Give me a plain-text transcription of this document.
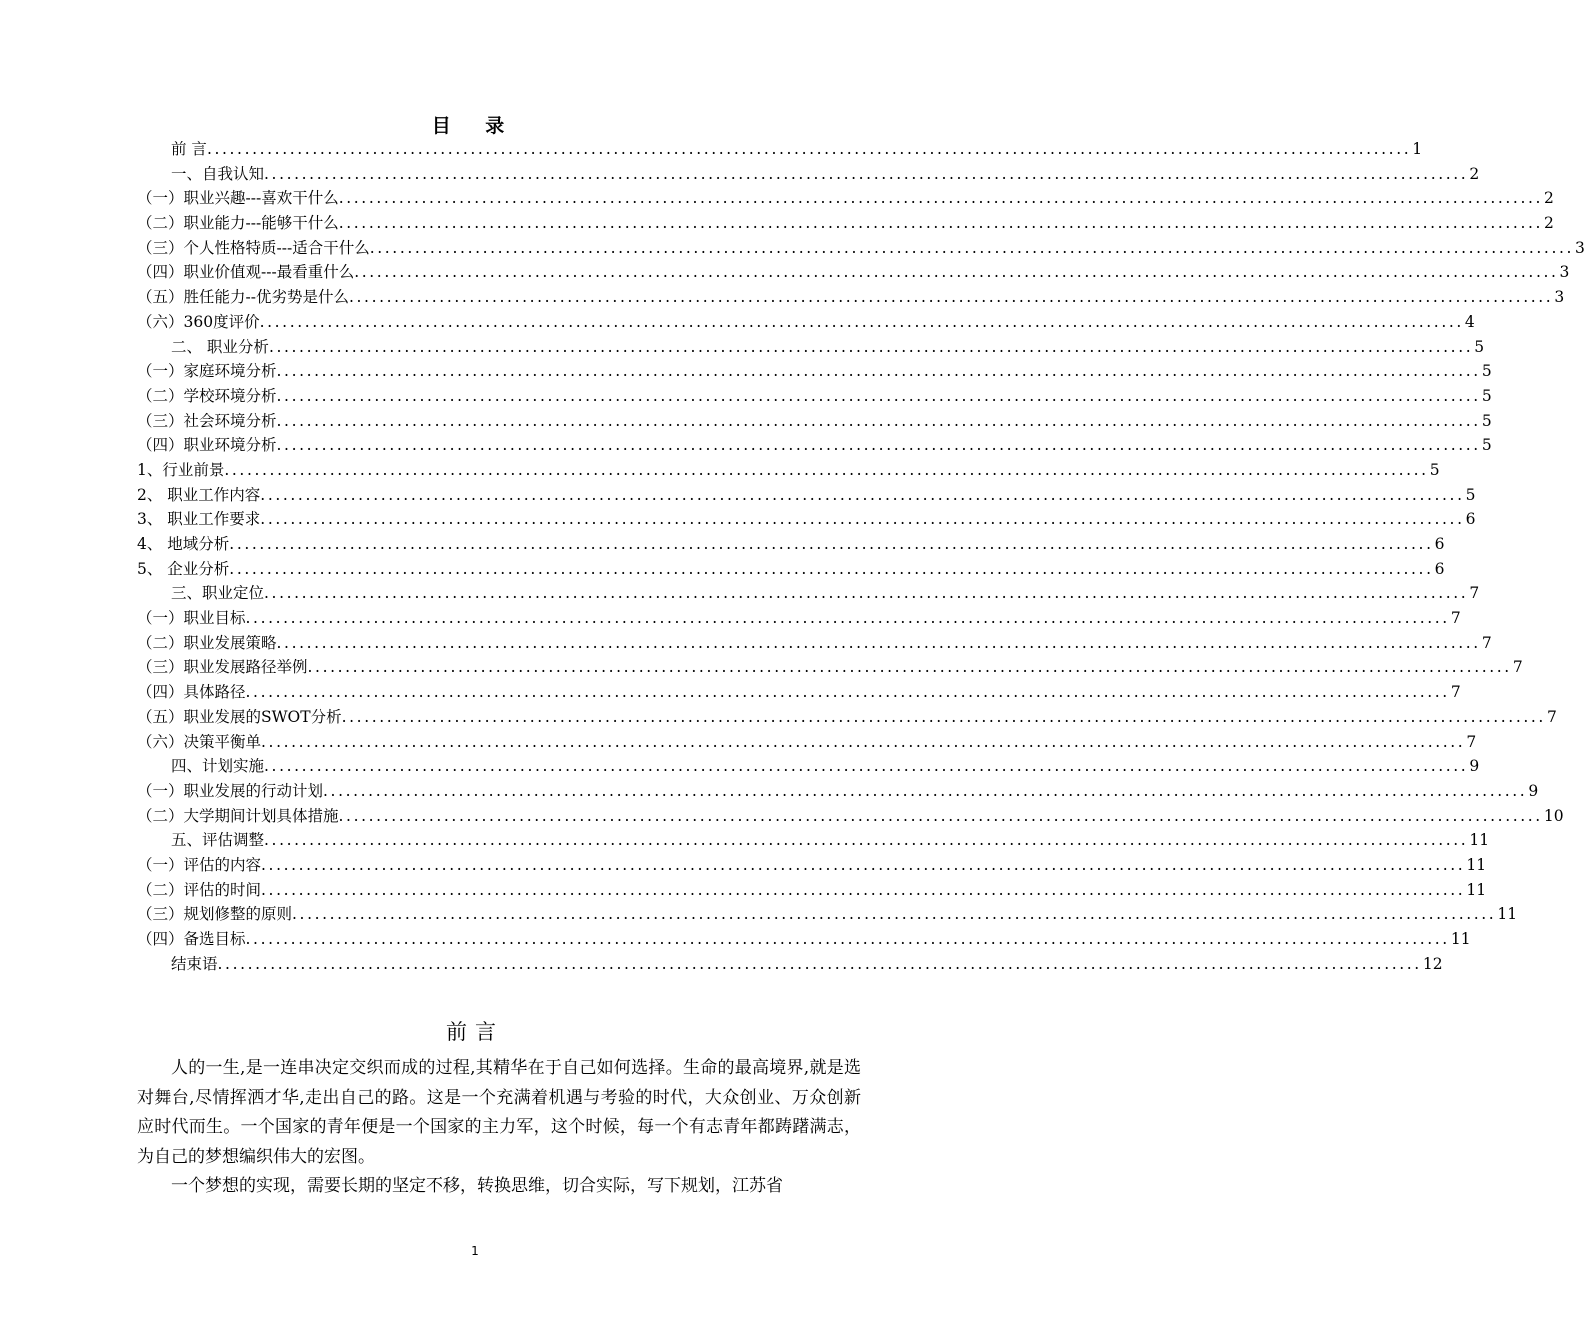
目 录
前 言 ................................................................................................................................................................ 1
一、自我认知 ................................................................................................................................................................ 2
（一）职业兴趣---喜欢干什么 ................................................................................................................................................................ 2
（二）职业能力---能够干什么 ................................................................................................................................................................ 2
（三）个人性格特质---适合干什么 ................................................................................................................................................................ 3
（四）职业价值观---最看重什么 ................................................................................................................................................................ 3
（五）胜任能力--优劣势是什么 ................................................................................................................................................................ 3
（六）360度评价 ................................................................................................................................................................ 4
二、 职业分析 ................................................................................................................................................................ 5
（一）家庭环境分析 ................................................................................................................................................................ 5
（二）学校环境分析 ................................................................................................................................................................ 5
（三）社会环境分析 ................................................................................................................................................................ 5
（四）职业环境分析 ................................................................................................................................................................ 5
1、行业前景 ................................................................................................................................................................ 5
2、 职业工作内容 ................................................................................................................................................................ 5
3、 职业工作要求 ................................................................................................................................................................ 6
4、 地域分析 ................................................................................................................................................................ 6
5、 企业分析 ................................................................................................................................................................ 6
三、职业定位 ................................................................................................................................................................ 7
（一）职业目标 ................................................................................................................................................................ 7
（二）职业发展策略 ................................................................................................................................................................ 7
（三）职业发展路径举例 ................................................................................................................................................................ 7
（四）具体路径 ................................................................................................................................................................ 7
（五）职业发展的SWOT分析 ................................................................................................................................................................ 7
（六）决策平衡单 ................................................................................................................................................................ 7
四、计划实施 ................................................................................................................................................................ 9
（一）职业发展的行动计划 ................................................................................................................................................................ 9
（二）大学期间计划具体措施 ................................................................................................................................................................ 10
五、评估调整 ................................................................................................................................................................ 11
（一）评估的内容 ................................................................................................................................................................ 11
（二）评估的时间 ................................................................................................................................................................ 11
（三）规划修整的原则 ................................................................................................................................................................ 11
（四）备选目标 ................................................................................................................................................................ 11
结束语 ................................................................................................................................................................ 12
前言

人的一生,是一连串决定交织而成的过程,其精华在于自己如何选择。生命的最高境界,就是选对舞台,尽情挥洒才华,走出自己的路。这是一个充满着机遇与考验的时代，大众创业、万众创新应时代而生。一个国家的青年便是一个国家的主力军，这个时候，每一个有志青年都踌躇满志，为自己的梦想编织伟大的宏图。

一个梦想的实现，需要长期的坚定不移，转换思维，切合实际，写下规划，江苏省

1
